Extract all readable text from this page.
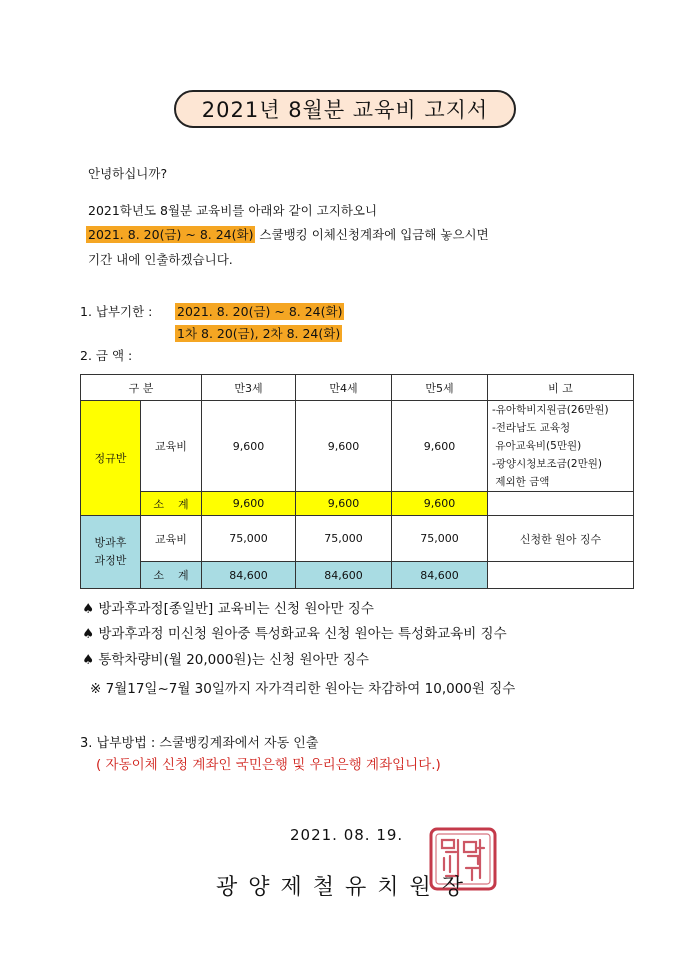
2021년 8월분 교육비 고지서
안녕하십니까?
2021학년도 8월분 교육비를 아래와 같이 고지하오니
2021. 8. 20(금) ~ 8. 24(화) 스쿨뱅킹 이체신청계좌에 입금해 놓으시면
기간 내에 인출하겠습니다.
1. 납부기한 : 2021. 8. 20(금) ~ 8. 24(화)
1차 8. 20(금), 2차 8. 24(화)
2. 금 액 :
구 분		만3세	만4세	만5세	비 고
정규반	교육비	9,600	9,600	9,600	-유아학비지원금(26만원)
-전라남도 교육청
유아교육비(5만원)
-광양시청보조금(2만원)
제외한 금액

	소    계	9,600	9,600	9,600	

방과후
과정반	교육비	75,000	75,000	75,000	신청한 원아 징수
	소    계	84,600	84,600	84,600	
♠ 방과후과정[종일반] 교육비는 신청 원아만 징수
♠ 방과후과정 미신청 원아중 특성화교육 신청 원아는 특성화교육비 징수
♠ 통학차량비(월 20,000원)는 신청 원아만 징수
※ 7월17일~7월 30일까지 자가격리한 원아는 차감하여 10,000원 징수
3. 납부방법 : 스쿨뱅킹계좌에서 자동 인출
( 자동이체 신청 계좌인 국민은행 및 우리은행 계좌입니다.)
2021. 08. 19.
광 양 제 철 유 치 원 장
